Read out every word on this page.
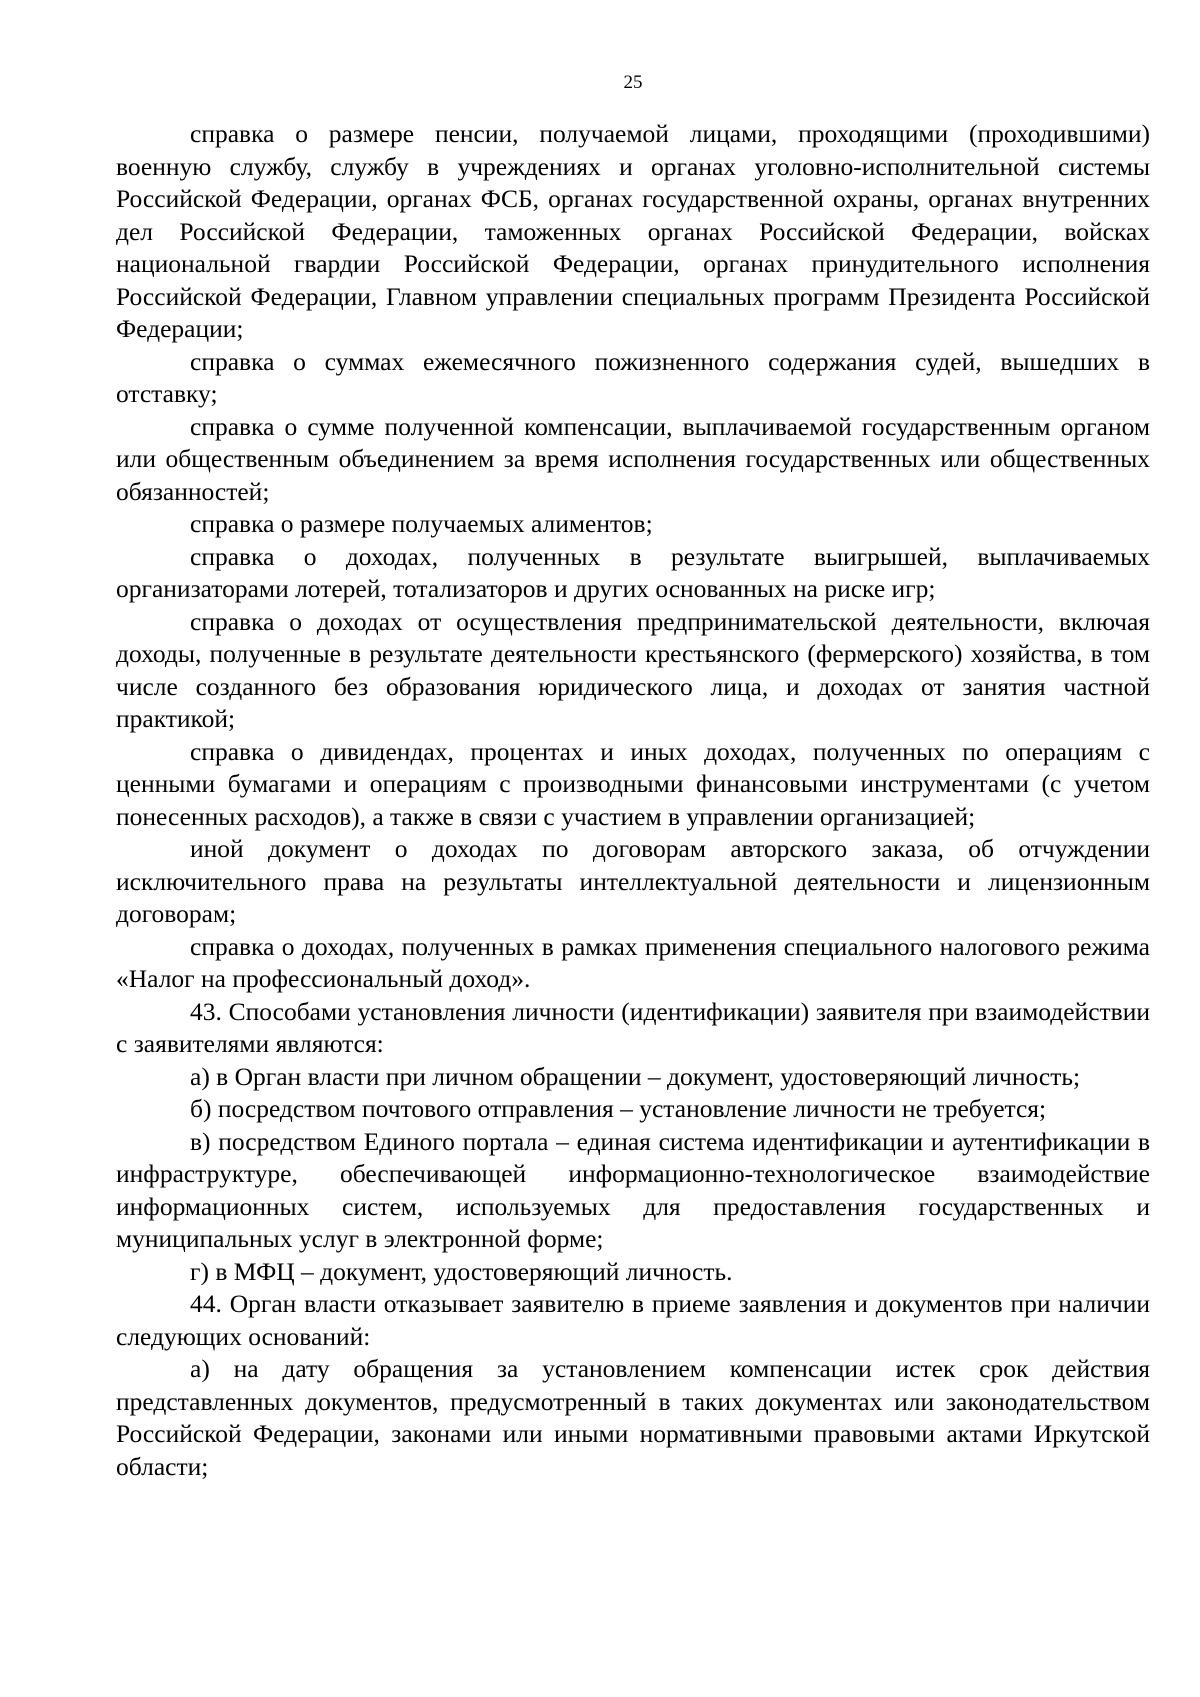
25

справка о размере пенсии, получаемой лицами, проходящими (проходившими) военную службу, службу в учреждениях и органах уголовно-исполнительной системы Российской Федерации, органах ФСБ, органах государственной охраны, органах внутренних дел Российской Федерации, таможенных органах Российской Федерации, войсках национальной гвардии Российской Федерации, органах принудительного исполнения Российской Федерации, Главном управлении специальных программ Президента Российской Федерации;

справка о суммах ежемесячного пожизненного содержания судей, вышедших в отставку;

справка о сумме полученной компенсации, выплачиваемой государственным органом или общественным объединением за время исполнения государственных или общественных обязанностей;

справка о размере получаемых алиментов;

справка о доходах, полученных в результате выигрышей, выплачиваемых организаторами лотерей, тотализаторов и других основанных на риске игр;

справка о доходах от осуществления предпринимательской деятельности, включая доходы, полученные в результате деятельности крестьянского (фермерского) хозяйства, в том числе созданного без образования юридического лица, и доходах от занятия частной практикой;

справка о дивидендах, процентах и иных доходах, полученных по операциям с ценными бумагами и операциям с производными финансовыми инструментами (с учетом понесенных расходов), а также в связи с участием в управлении организацией;

иной документ о доходах по договорам авторского заказа, об отчуждении исключительного права на результаты интеллектуальной деятельности и лицензионным договорам;

справка о доходах, полученных в рамках применения специального налогового режима «Налог на профессиональный доход».

43. Способами установления личности (идентификации) заявителя при взаимодействии с заявителями являются:

а) в Орган власти при личном обращении – документ, удостоверяющий личность;

б) посредством почтового отправления – установление личности не требуется;

в) посредством Единого портала – единая система идентификации и аутентификации в инфраструктуре, обеспечивающей информационно-технологическое взаимодействие информационных систем, используемых для предоставления государственных и муниципальных услуг в электронной форме;

г) в МФЦ – документ, удостоверяющий личность.

44. Орган власти отказывает заявителю в приеме заявления и документов при наличии следующих оснований:

а) на дату обращения за установлением компенсации истек срок действия представленных документов, предусмотренный в таких документах или законодательством Российской Федерации, законами или иными нормативными правовыми актами Иркутской области;
